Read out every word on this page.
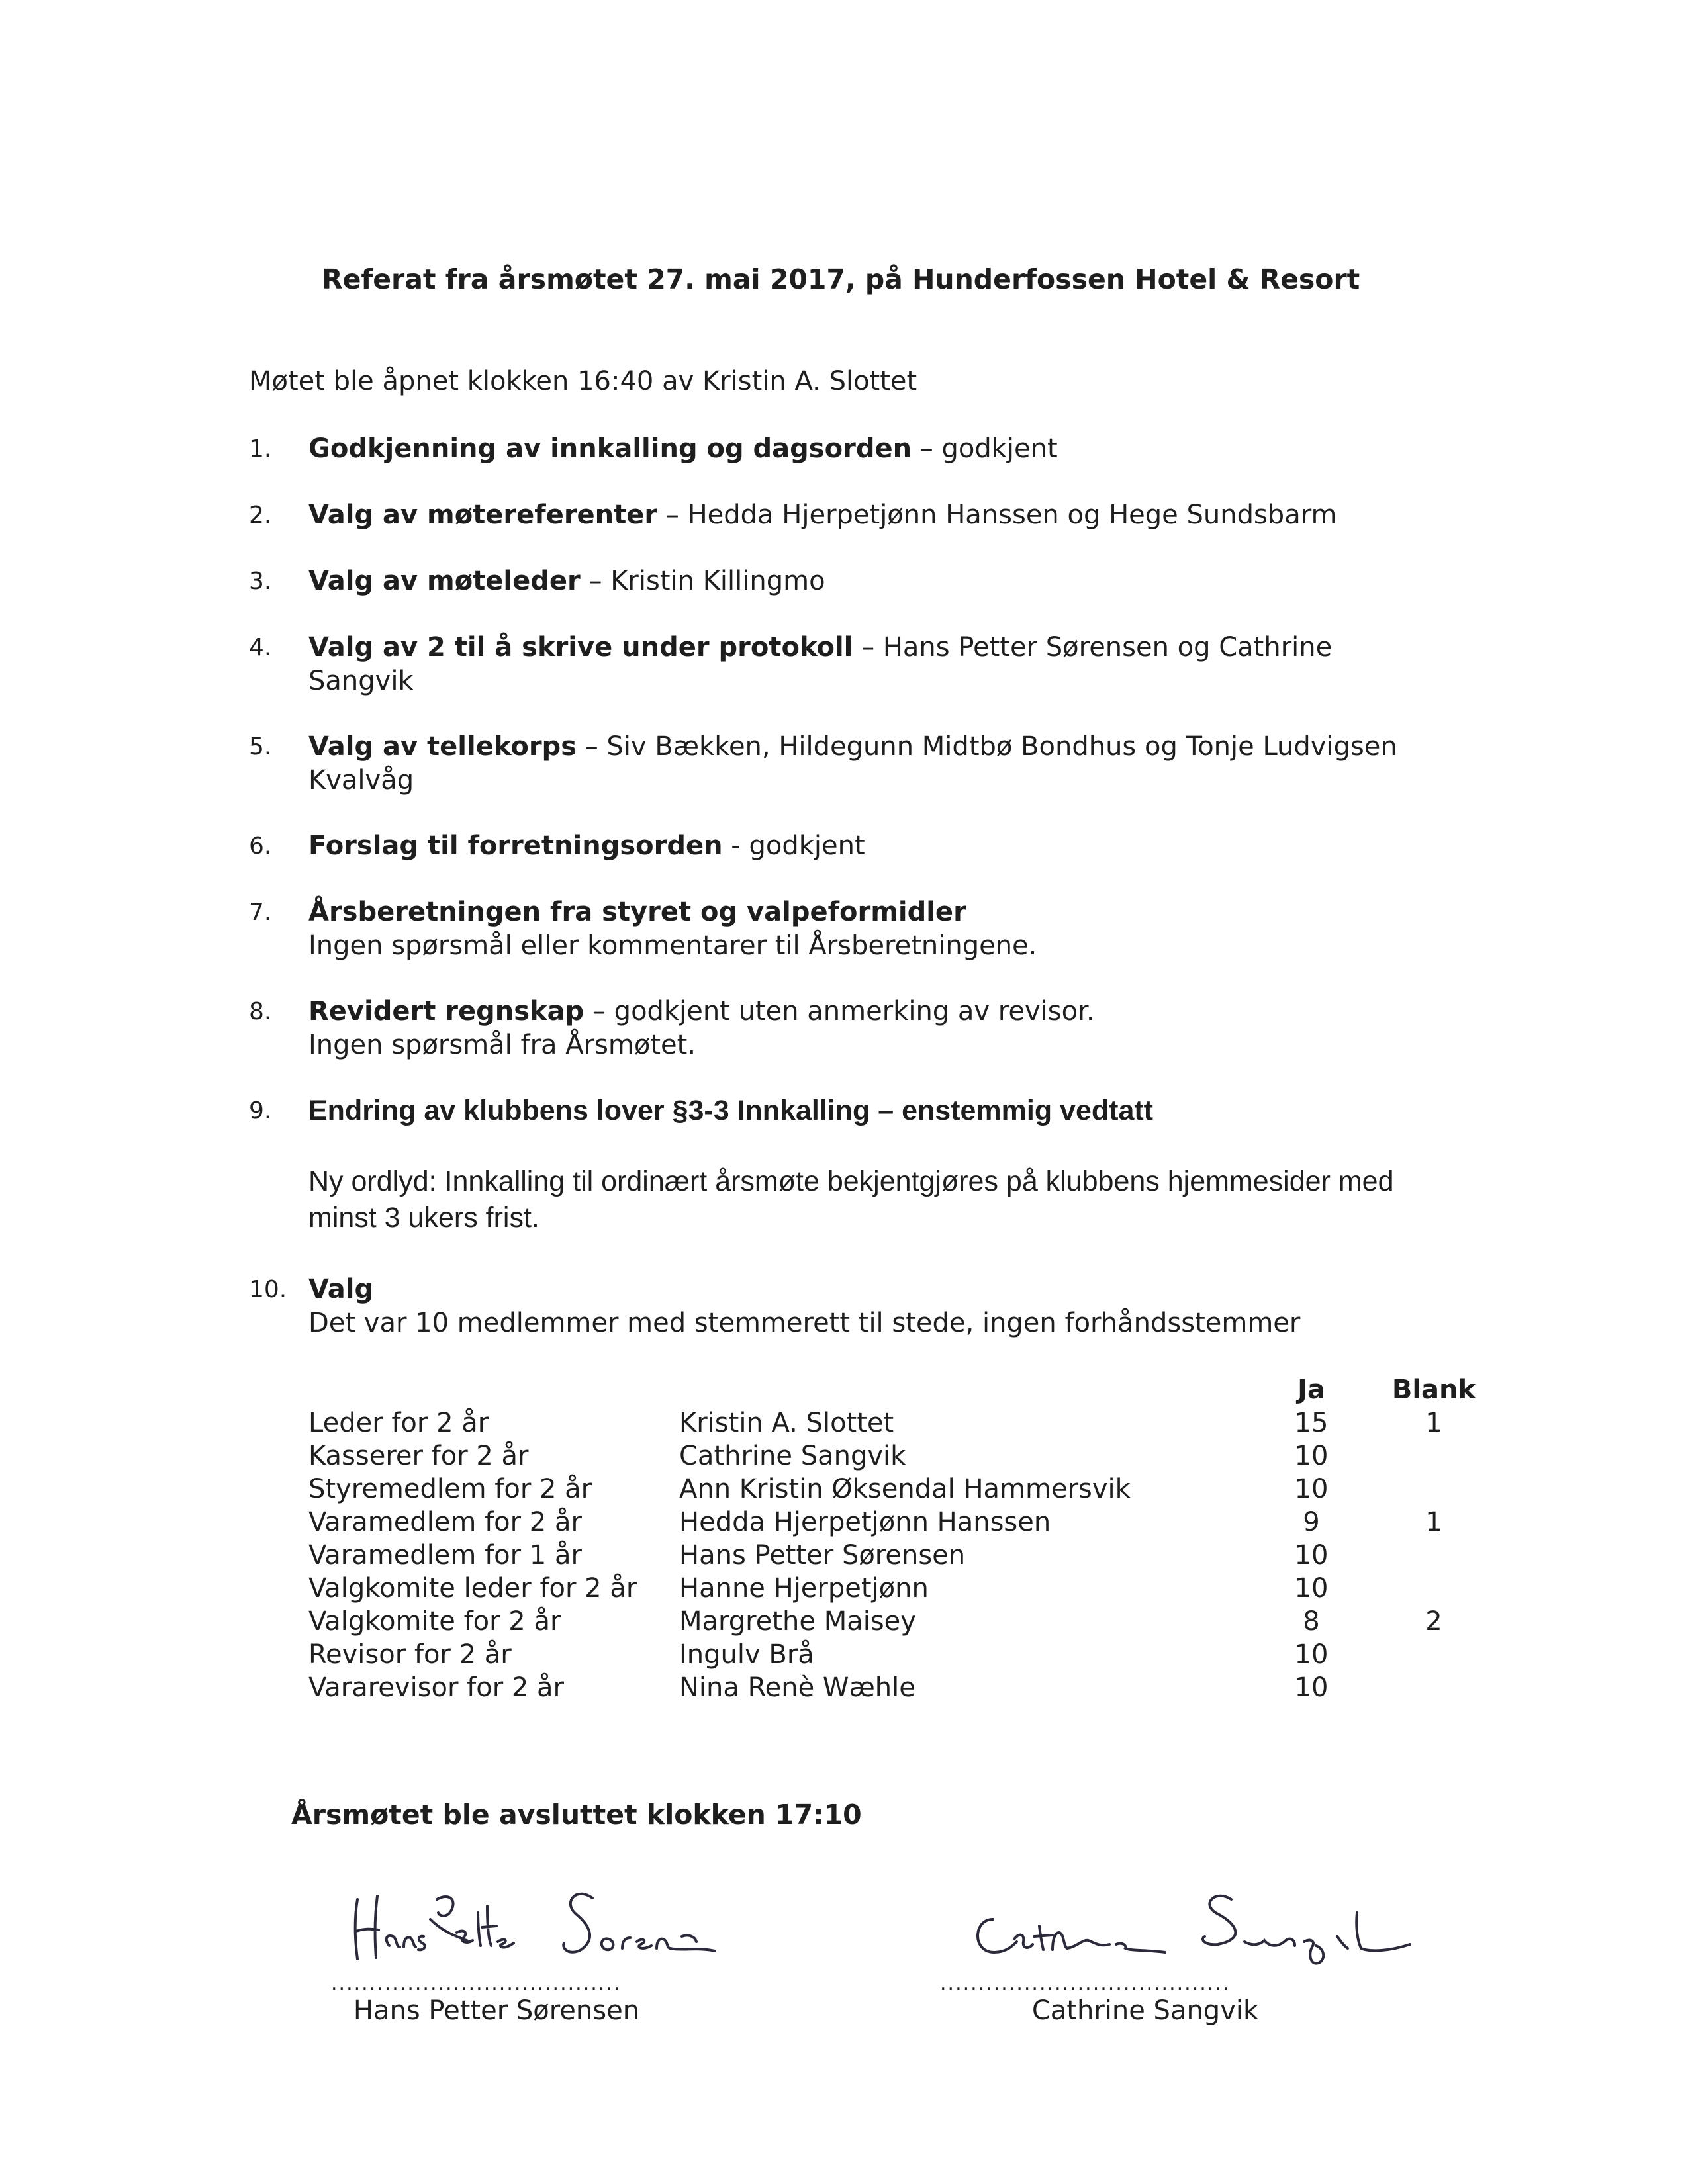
Referat fra årsmøtet 27. mai 2017, på Hunderfossen Hotel & Resort
Møtet ble åpnet klokken 16:40 av Kristin A. Slottet
1. Godkjenning av innkalling og dagsorden – godkjent
2. Valg av møtereferenter – Hedda Hjerpetjønn Hanssen og Hege Sundsbarm
3. Valg av møteleder – Kristin Killingmo
4. Valg av 2 til å skrive under protokoll – Hans Petter Sørensen og Cathrine Sangvik
5. Valg av tellekorps – Siv Bækken, Hildegunn Midtbø Bondhus og Tonje Ludvigsen Kvalvåg
6. Forslag til forretningsorden - godkjent
7. Årsberetningen fra styret og valpeformidler
Ingen spørsmål eller kommentarer til Årsberetningene.
8. Revidert regnskap – godkjent uten anmerking av revisor.
Ingen spørsmål fra Årsmøtet.
9. Endring av klubbens lover §3-3 Innkalling – enstemmig vedtatt
Ny ordlyd: Innkalling til ordinært årsmøte bekjentgjøres på klubbens hjemmesider med minst 3 ukers frist.
10. Valg
Det var 10 medlemmer med stemmerett til stede, ingen forhåndsstemmer
		Ja	Blank
Leder for 2 år	Kristin A. Slottet	15	1
Kasserer for 2 år	Cathrine Sangvik	10	
Styremedlem for 2 år	Ann Kristin Øksendal Hammersvik	10	
Varamedlem for 2 år	Hedda Hjerpetjønn Hanssen	9	1
Varamedlem for 1 år	Hans Petter Sørensen	10	
Valgkomite leder for 2 år	Hanne Hjerpetjønn	10	
Valgkomite for 2 år	Margrethe Maisey	8	2
Revisor for 2 år	Ingulv Brå	10	
Vararevisor for 2 år	Nina Renè Wæhle	10	
Årsmøtet ble avsluttet klokken 17:10
......................................
Hans Petter Sørensen
......................................
Cathrine Sangvik
